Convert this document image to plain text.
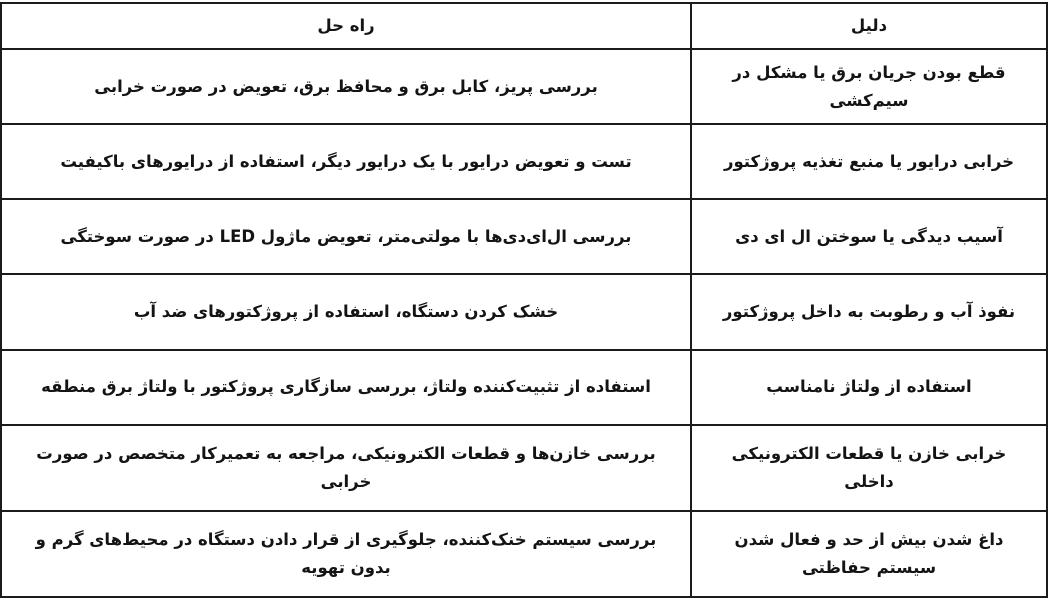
دلیل	راه حل
قطع بودن جریان برق یا مشکل در سیم‌کشی	بررسی پریز، کابل برق و محافظ برق، تعویض در صورت خرابی
خرابی درایور یا منبع تغذیه پروژکتور	تست و تعویض درایور با یک درایور دیگر، استفاده از درایورهای باکیفیت
آسیب دیدگی یا سوختن ال ای دی	بررسی ال‌ای‌دی‌ها با مولتی‌متر، تعویض ماژول LED در صورت سوختگی
نفوذ آب و رطوبت به داخل پروژکتور	خشک کردن دستگاه، استفاده از پروژکتورهای ضد آب
استفاده از ولتاژ نامناسب	استفاده از تثبیت‌کننده ولتاژ، بررسی سازگاری پروژکتور با ولتاژ برق منطقه
خرابی خازن یا قطعات الکترونیکی داخلی	بررسی خازن‌ها و قطعات الکترونیکی، مراجعه به تعمیرکار متخصص در صورت خرابی
داغ شدن بیش از حد و فعال شدن سیستم حفاظتی	بررسی سیستم خنک‌کننده، جلوگیری از قرار دادن دستگاه در محیط‌های گرم و بدون تهویه
